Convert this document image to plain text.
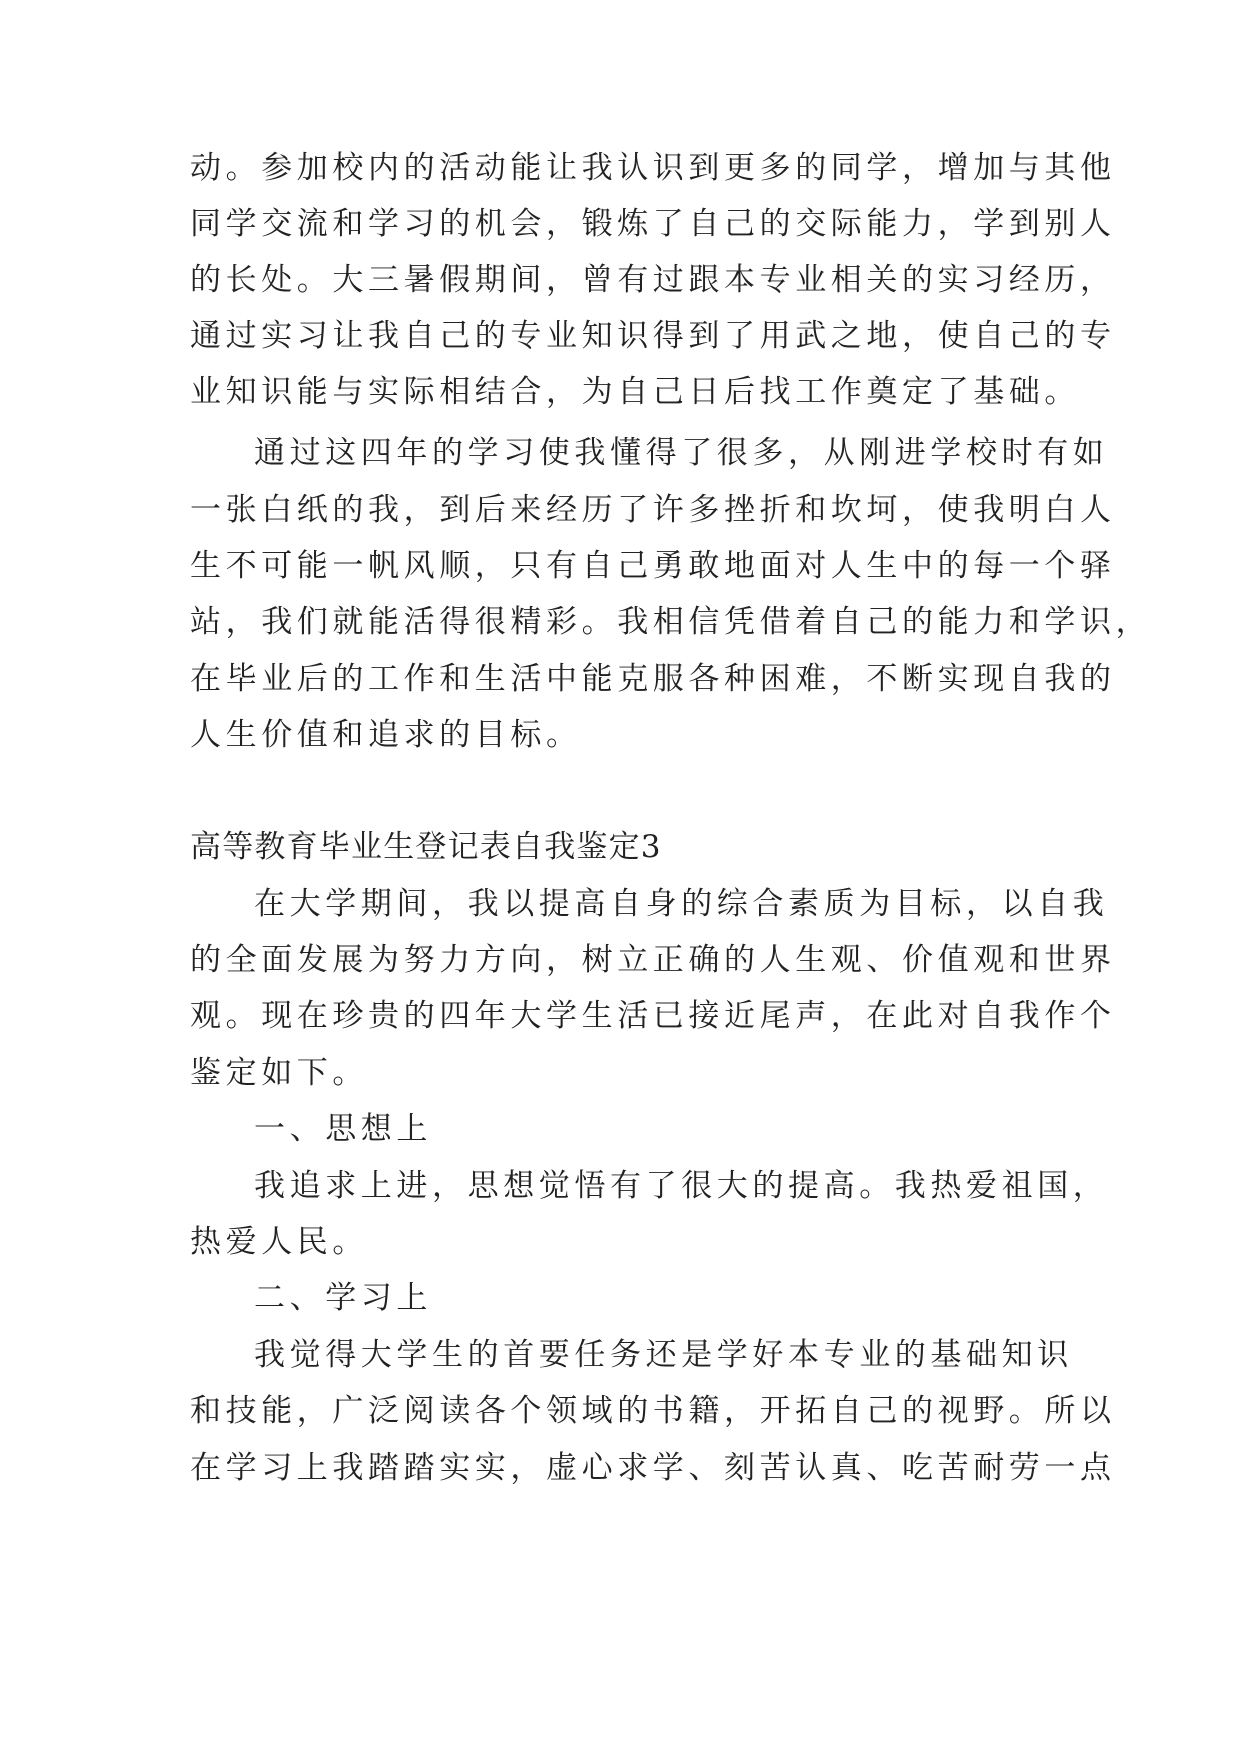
动。参加校内的活动能让我认识到更多的同学，增加与其他
同学交流和学习的机会，锻炼了自己的交际能力，学到别人
的长处。大三暑假期间，曾有过跟本专业相关的实习经历，
通过实习让我自己的专业知识得到了用武之地，使自己的专
业知识能与实际相结合，为自己日后找工作奠定了基础。
通过这四年的学习使我懂得了很多，从刚进学校时有如
一张白纸的我，到后来经历了许多挫折和坎坷，使我明白人
生不可能一帆风顺，只有自己勇敢地面对人生中的每一个驿
站，我们就能活得很精彩。我相信凭借着自己的能力和学识，
在毕业后的工作和生活中能克服各种困难，不断实现自我的
人生价值和追求的目标。
高等教育毕业生登记表自我鉴定3
在大学期间，我以提高自身的综合素质为目标，以自我
的全面发展为努力方向，树立正确的人生观、价值观和世界
观。现在珍贵的四年大学生活已接近尾声，在此对自我作个
鉴定如下。
一、思想上
我追求上进，思想觉悟有了很大的提高。我热爱祖国，
热爱人民。
二、学习上
我觉得大学生的首要任务还是学好本专业的基础知识
和技能，广泛阅读各个领域的书籍，开拓自己的视野。所以
在学习上我踏踏实实，虚心求学、刻苦认真、吃苦耐劳一点
